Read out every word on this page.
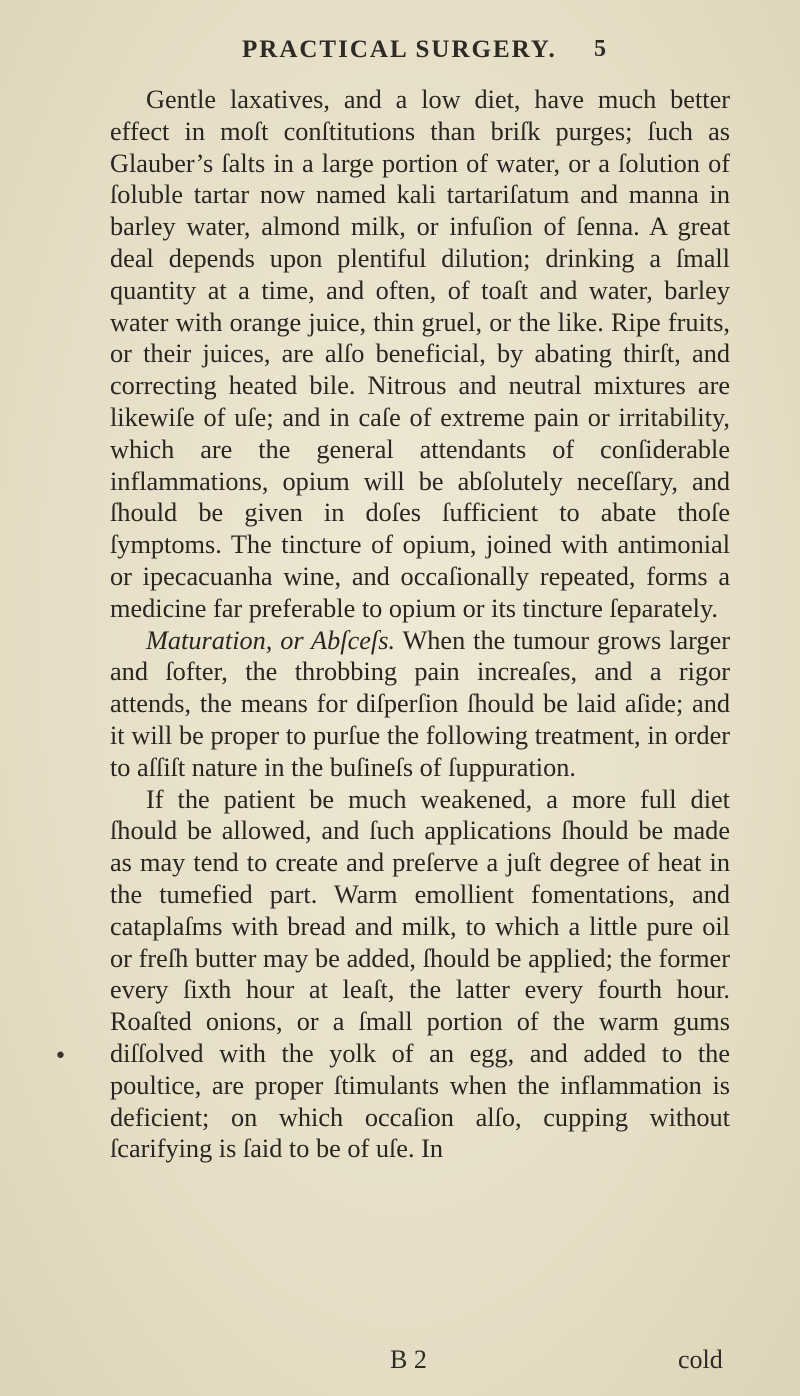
PRACTICAL SURGERY. 5

Gentle laxatives, and a low diet, have much better effect in moſt conſtitutions than briſk purges; ſuch as Glauber’s ſalts in a large portion of water, or a ſolution of ſoluble tartar now named kali tartariſatum and manna in barley water, almond milk, or infuſion of ſenna. A great deal depends upon plentiful dilution; drinking a ſmall quantity at a time, and often, of toaſt and water, barley water with orange juice, thin gruel, or the like. Ripe fruits, or their juices, are alſo beneficial, by abating thirſt, and correcting heated bile. Nitrous and neutral mixtures are likewiſe of uſe; and in caſe of extreme pain or irritability, which are the general attendants of conſiderable inflammations, opium will be abſolutely neceſſary, and ſhould be given in doſes ſufficient to abate thoſe ſymptoms. The tincture of opium, joined with antimonial or ipecacuanha wine, and occaſionally repeated, forms a medicine far preferable to opium or its tincture ſeparately.

Maturation, or Abſceſs. When the tumour grows larger and ſofter, the throbbing pain increaſes, and a rigor attends, the means for diſperſion ſhould be laid aſide; and it will be proper to purſue the following treatment, in order to aſſiſt nature in the buſineſs of ſuppuration.

If the patient be much weakened, a more full diet ſhould be allowed, and ſuch applications ſhould be made as may tend to create and preſerve a juſt degree of heat in the tumefied part. Warm emollient fomentations, and cataplaſms with bread and milk, to which a little pure oil or freſh butter may be added, ſhould be applied; the former every ſixth hour at leaſt, the latter every fourth hour. Roaſted onions, or a ſmall portion of the warm gums diſſolved with the yolk of an egg, and added to the poultice, are proper ſtimulants when the inflammation is deficient; on which occaſion alſo, cupping without ſcarifying is ſaid to be of uſe. In

•
B 2	cold
